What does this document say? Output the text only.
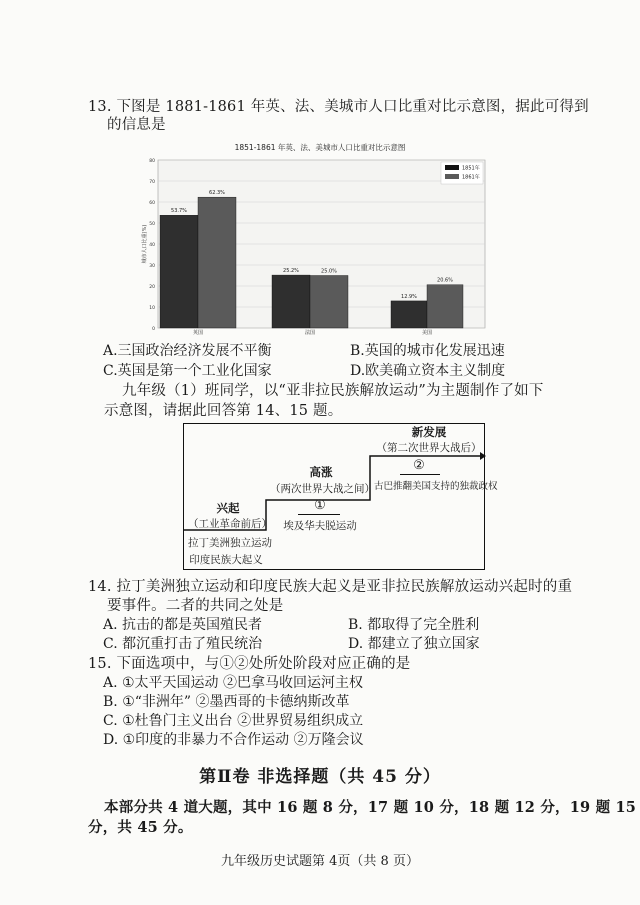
13. 下图是 1881-1861 年英、法、美城市人口比重对比示意图，据此可得到
的信息是
1851-1861 年英、法、美城市人口比重对比示意图
0
10
20
30
40
50
60
70
80
城市人口比重(%)
53.7%
62.3%
英国
25.2%	25.0%
法国
12.9%
20.6%
美国
1851年
1861年
A.三国政治经济发展不平衡	B.英国的城市化发展迅速
C.英国是第一个工业化国家	D.欧美确立资本主义制度
九年级（1）班同学，以“亚非拉民族解放运动”为主题制作了如下
示意图，请据此回答第 14、15 题。
兴起
（工业革命前后）
拉丁美洲独立运动
印度民族大起义
高涨
（两次世界大战之间）
①
埃及华夫脱运动
新发展
（第二次世界大战后）
②
古巴推翻美国支持的独裁政权
14. 拉丁美洲独立运动和印度民族大起义是亚非拉民族解放运动兴起时的重
要事件。二者的共同之处是
A. 抗击的都是英国殖民者	B. 都取得了完全胜利
C. 都沉重打击了殖民统治	D. 都建立了独立国家
15. 下面选项中，与①②处所处阶段对应正确的是
A. ①太平天国运动 ②巴拿马收回运河主权
B. ①“非洲年” ②墨西哥的卡德纳斯改革
C. ①杜鲁门主义出台 ②世界贸易组织成立
D. ①印度的非暴力不合作运动 ②万隆会议
第Ⅱ卷 非选择题（共 45 分）
本部分共 4 道大题，其中 16 题 8 分，17 题 10 分，18 题 12 分，19 题 15
分，共 45 分。
九年级历史试题第 4页（共 8 页）
